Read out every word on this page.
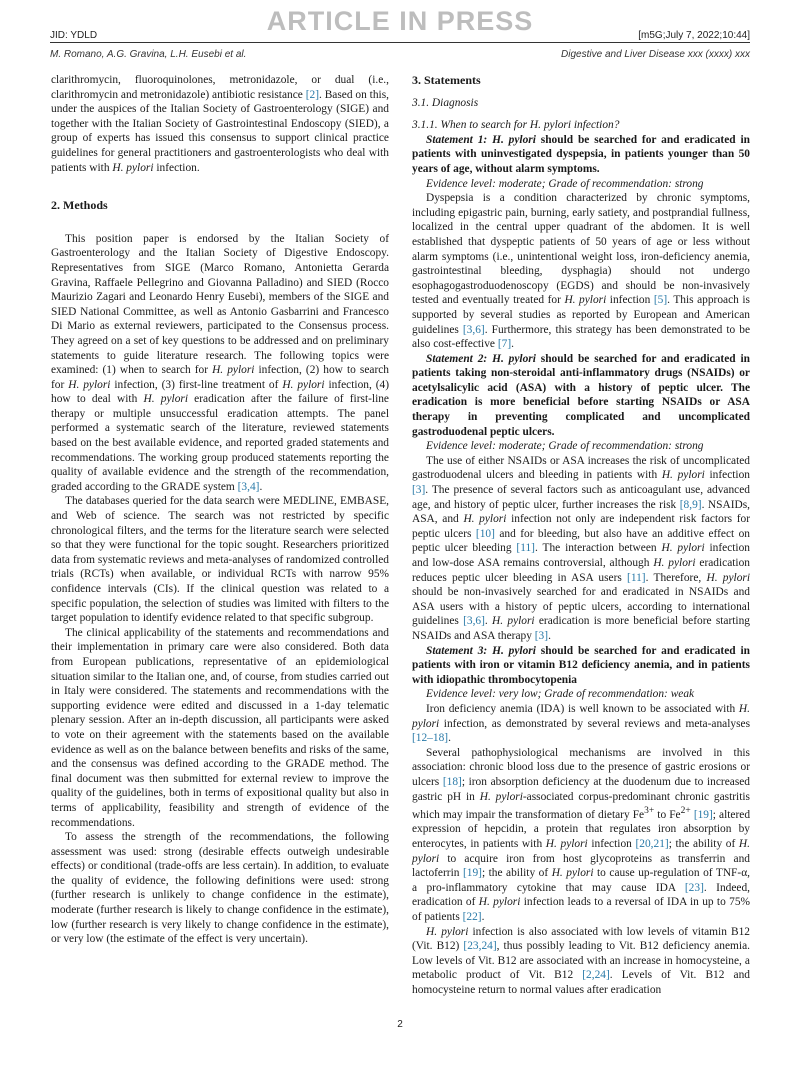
ARTICLE IN PRESS
JID: YDLD	[m5G;July 7, 2022;10:44]
M. Romano, A.G. Gravina, L.H. Eusebi et al.	Digestive and Liver Disease xxx (xxxx) xxx

clarithromycin, fluoroquinolones, metronidazole, or dual (i.e., clarithromycin and metronidazole) antibiotic resistance [2]. Based on this, under the auspices of the Italian Society of Gastroenterology (SIGE) and together with the Italian Society of Gastrointestinal Endoscopy (SIED), a group of experts has issued this consensus to support clinical practice guidelines for general practitioners and gastroenterologists who deal with patients with H. pylori infection.

2. Methods

This position paper is endorsed by the Italian Society of Gastroenterology and the Italian Society of Digestive Endoscopy. Representatives from SIGE (Marco Romano, Antonietta Gerarda Gravina, Raffaele Pellegrino and Giovanna Palladino) and SIED (Rocco Maurizio Zagari and Leonardo Henry Eusebi), members of the SIGE and SIED National Committee, as well as Antonio Gasbarrini and Francesco Di Mario as external reviewers, participated to the Consensus process. They agreed on a set of key questions to be addressed and on preliminary statements to guide literature research. The following topics were examined: (1) when to search for H. pylori infection, (2) how to search for H. pylori infection, (3) first-line treatment of H. pylori infection, (4) how to deal with H. pylori eradication after the failure of first-line therapy or multiple unsuccessful eradication attempts. The panel performed a systematic search of the literature, reviewed statements based on the best available evidence, and reported graded statements and recommendations. The working group produced statements reporting the quality of available evidence and the strength of the recommendation, graded according to the GRADE system [3,4].

The databases queried for the data search were MEDLINE, EMBASE, and Web of science. The search was not restricted by specific chronological filters, and the terms for the literature search were selected so that they were functional for the topic sought. Researchers prioritized data from systematic reviews and meta-analyses of randomized controlled trials (RCTs) when available, or individual RCTs with narrow 95% confidence intervals (CIs). If the clinical question was related to a specific population, the selection of studies was limited with filters to the target population to identify evidence related to that specific subgroup.

The clinical applicability of the statements and recommendations and their implementation in primary care were also considered. Both data from European publications, representative of an epidemiological situation similar to the Italian one, and, of course, from studies carried out in Italy were considered. The statements and recommendations with the supporting evidence were edited and discussed in a 1-day telematic plenary session. After an in-depth discussion, all participants were asked to vote on their agreement with the statements based on the available evidence as well as on the balance between benefits and risks of the same, and the consensus was defined according to the GRADE method. The final document was then submitted for external review to improve the quality of the guidelines, both in terms of expositional quality but also in terms of applicability, feasibility and strength of evidence of the recommendations.

To assess the strength of the recommendations, the following assessment was used: strong (desirable effects outweigh undesirable effects) or conditional (trade-offs are less certain). In addition, to evaluate the quality of evidence, the following definitions were used: strong (further research is unlikely to change confidence in the estimate), moderate (further research is likely to change confidence in the estimate), low (further research is very likely to change confidence in the estimate), or very low (the estimate of the effect is very uncertain).

3. Statements

3.1. Diagnosis

3.1.1. When to search for H. pylori infection?

Statement 1: H. pylori should be searched for and eradicated in patients with uninvestigated dyspepsia, in patients younger than 50 years of age, without alarm symptoms.

Evidence level: moderate; Grade of recommendation: strong

Dyspepsia is a condition characterized by chronic symptoms, including epigastric pain, burning, early satiety, and postprandial fullness, localized in the central upper quadrant of the abdomen. It is well established that dyspeptic patients of 50 years of age or less without alarm symptoms (i.e., unintentional weight loss, iron-deficiency anemia, gastrointestinal bleeding, dysphagia) should not undergo esophagogastroduodenoscopy (EGDS) and should be non-invasively tested and eventually treated for H. pylori infection [5]. This approach is supported by several studies as reported by European and American guidelines [3,6]. Furthermore, this strategy has been demonstrated to be also cost-effective [7].

Statement 2: H. pylori should be searched for and eradicated in patients taking non-steroidal anti-inflammatory drugs (NSAIDs) or acetylsalicylic acid (ASA) with a history of peptic ulcer. The eradication is more beneficial before starting NSAIDs or ASA therapy in preventing complicated and uncomplicated gastroduodenal peptic ulcers.

Evidence level: moderate; Grade of recommendation: strong

The use of either NSAIDs or ASA increases the risk of uncomplicated gastroduodenal ulcers and bleeding in patients with H. pylori infection [3]. The presence of several factors such as anticoagulant use, advanced age, and history of peptic ulcer, further increases the risk [8,9]. NSAIDs, ASA, and H. pylori infection not only are independent risk factors for peptic ulcers [10] and for bleeding, but also have an additive effect on peptic ulcer bleeding [11]. The interaction between H. pylori infection and low-dose ASA remains controversial, although H. pylori eradication reduces peptic ulcer bleeding in ASA users [11]. Therefore, H. pylori should be non-invasively searched for and eradicated in NSAIDs and ASA users with a history of peptic ulcers, according to international guidelines [3,6]. H. pylori eradication is more beneficial before starting NSAIDs and ASA therapy [3].

Statement 3: H. pylori should be searched for and eradicated in patients with iron or vitamin B12 deficiency anemia, and in patients with idiopathic thrombocytopenia

Evidence level: very low; Grade of recommendation: weak

Iron deficiency anemia (IDA) is well known to be associated with H. pylori infection, as demonstrated by several reviews and meta-analyses [12–18].

Several pathophysiological mechanisms are involved in this association: chronic blood loss due to the presence of gastric erosions or ulcers [18]; iron absorption deficiency at the duodenum due to increased gastric pH in H. pylori-associated corpus-predominant chronic gastritis which may impair the transformation of dietary $Fe^{3+}$ to $Fe^{2+}$ [19]; altered expression of hepcidin, a protein that regulates iron absorption by enterocytes, in patients with H. pylori infection [20,21]; the ability of H. pylori to acquire iron from host glycoproteins as transferrin and lactoferrin [19]; the ability of H. pylori to cause up-regulation of TNF-α, a pro-inflammatory cytokine that may cause IDA [23]. Indeed, eradication of H. pylori infection leads to a reversal of IDA in up to 75% of patients [22].

H. pylori infection is also associated with low levels of vitamin B12 (Vit. B12) [23,24], thus possibly leading to Vit. B12 deficiency anemia. Low levels of Vit. B12 are associated with an increase in homocysteine, a metabolic product of Vit. B12 [2,24]. Levels of Vit. B12 and homocysteine return to normal values after eradication

2
